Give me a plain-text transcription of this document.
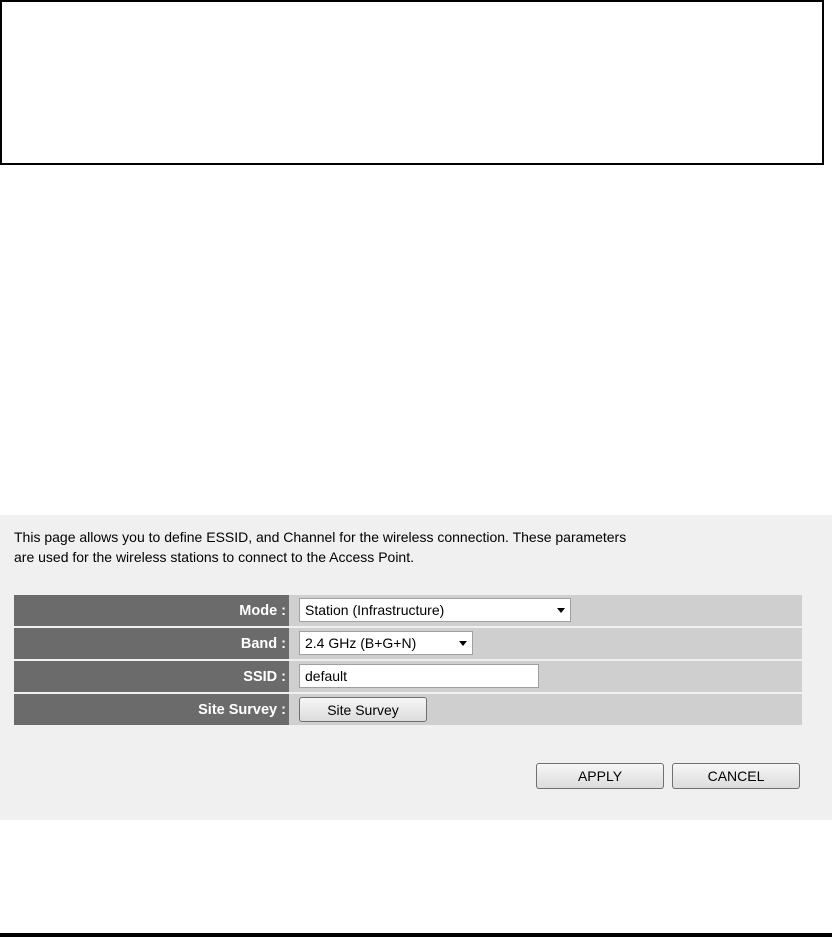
This page allows you to define ESSID, and Channel for the wireless connection. These parameters
are used for the wireless stations to connect to the Access Point.
Mode :	Station (Infrastructure)
Band :	2.4 GHz (B+G+N)
SSID :	default
Site Survey :	Site Survey
APPLY	CANCEL
